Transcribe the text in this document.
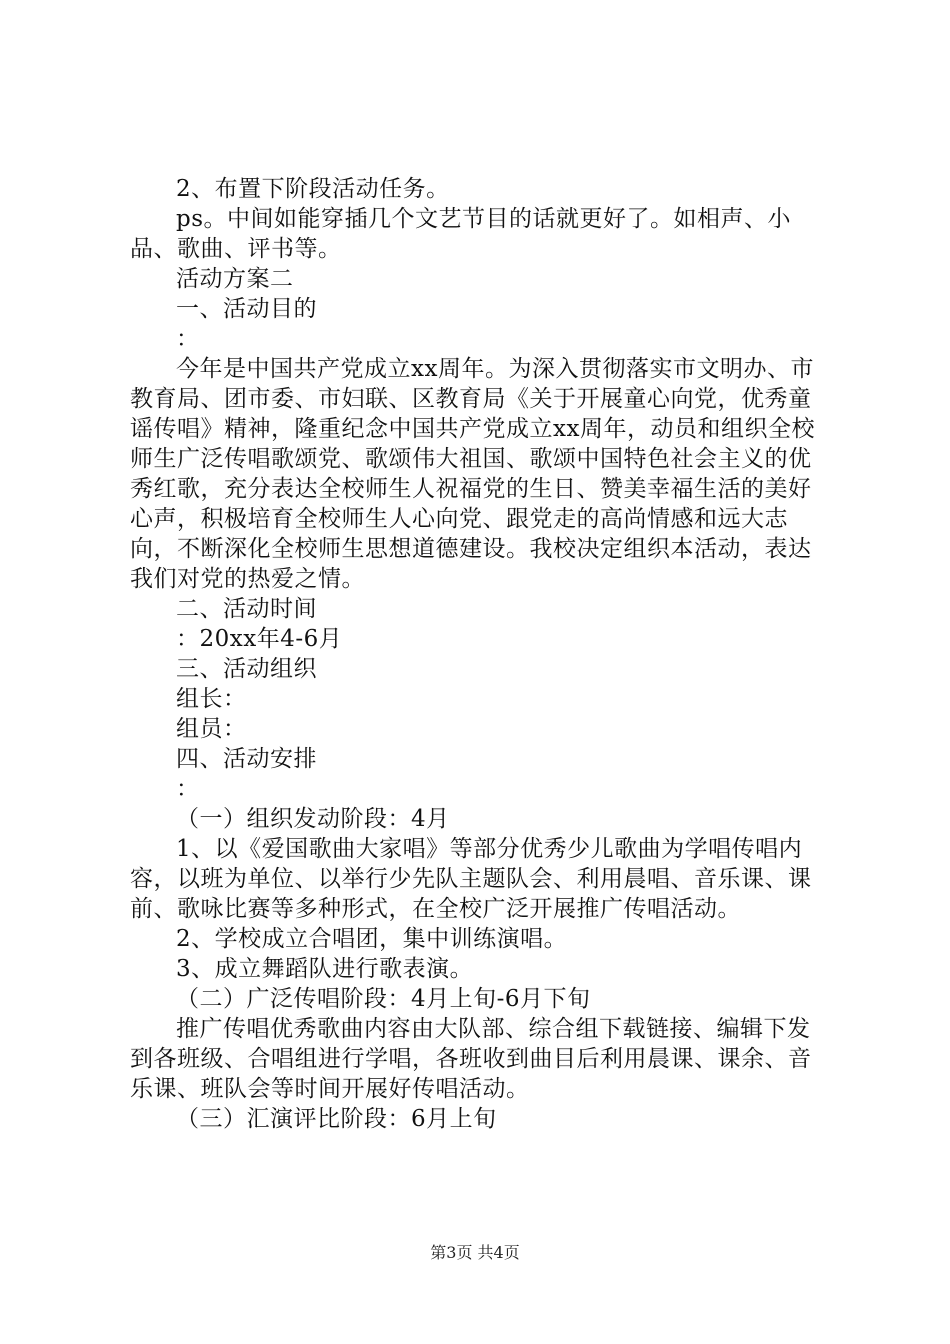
2、布置下阶段活动任务。

ps。中间如能穿插几个文艺节目的话就更好了。如相声、小品、歌曲、评书等。

活动方案二

一、活动目的

：

今年是中国共产党成立xx周年。为深入贯彻落实市文明办、市教育局、团市委、市妇联、区教育局《关于开展童心向党，优秀童谣传唱》精神，隆重纪念中国共产党成立xx周年，动员和组织全校师生广泛传唱歌颂党、歌颂伟大祖国、歌颂中国特色社会主义的优秀红歌，充分表达全校师生人祝福党的生日、赞美幸福生活的美好心声，积极培育全校师生人心向党、跟党走的高尚情感和远大志向，不断深化全校师生思想道德建设。我校决定组织本活动，表达我们对党的热爱之情。

二、活动时间

：20xx年4-6月

三、活动组织

组长：

组员：

四、活动安排

：

（一）组织发动阶段：4月

1、以《爱国歌曲大家唱》等部分优秀少儿歌曲为学唱传唱内容，以班为单位、以举行少先队主题队会、利用晨唱、音乐课、课前、歌咏比赛等多种形式，在全校广泛开展推广传唱活动。

2、学校成立合唱团，集中训练演唱。

3、成立舞蹈队进行歌表演。

（二）广泛传唱阶段：4月上旬-6月下旬

推广传唱优秀歌曲内容由大队部、综合组下载链接、编辑下发到各班级、合唱组进行学唱，各班收到曲目后利用晨课、课余、音乐课、班队会等时间开展好传唱活动。

（三）汇演评比阶段：6月上旬

第3页 共4页
